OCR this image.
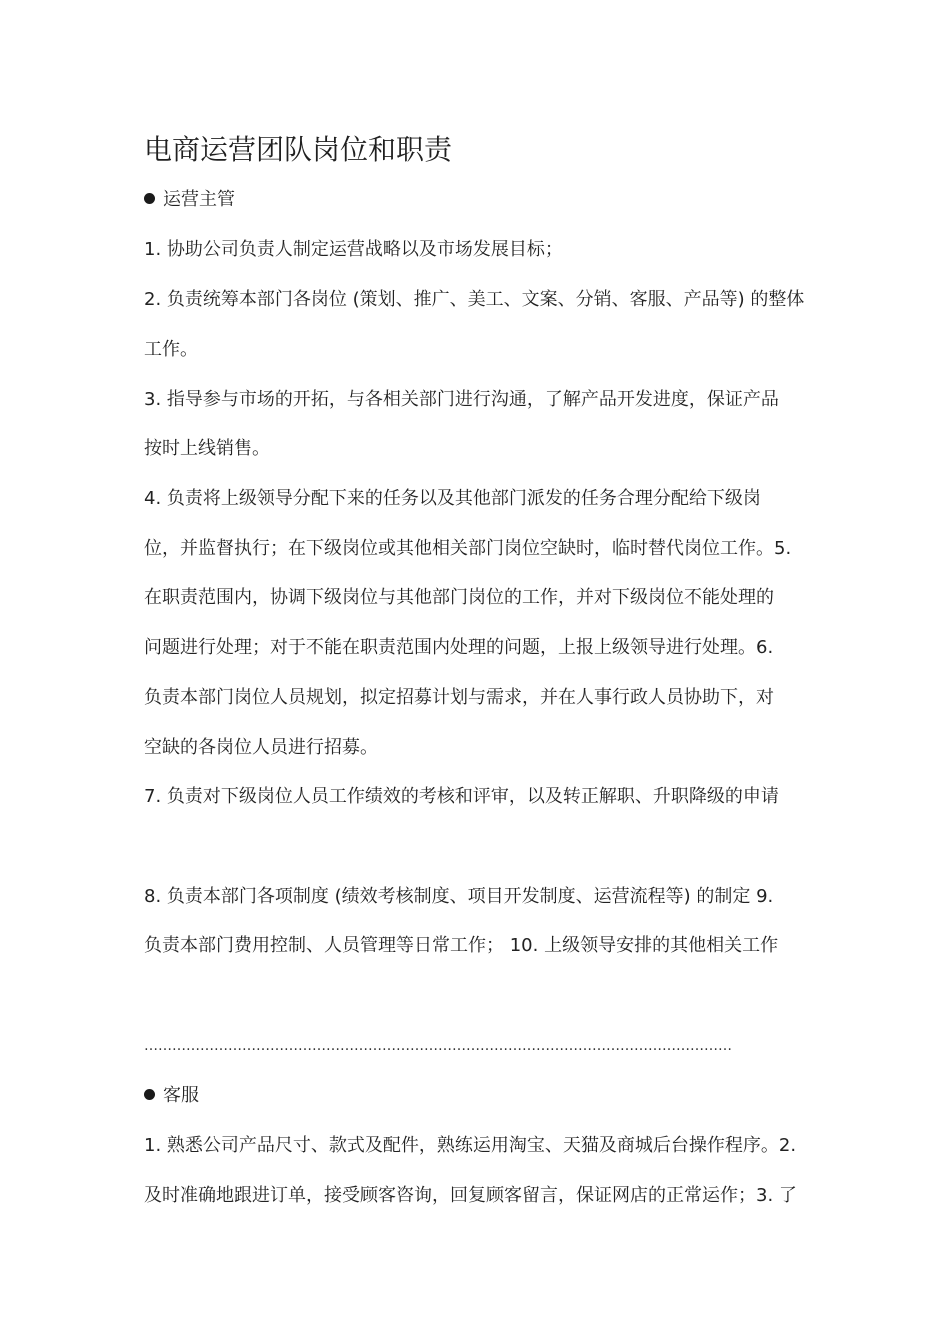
电商运营团队岗位和职责
运营主管
1. 协助公司负责人制定运营战略以及市场发展目标；
2. 负责统筹本部门各岗位 (策划、推广、美工、文案、分销、客服、产品等) 的整体
工作。
3. 指导参与市场的开拓，与各相关部门进行沟通，了解产品开发进度，保证产品
按时上线销售。
4. 负责将上级领导分配下来的任务以及其他部门派发的任务合理分配给下级岗
位，并监督执行；在下级岗位或其他相关部门岗位空缺时，临时替代岗位工作。5.
在职责范围内，协调下级岗位与其他部门岗位的工作，并对下级岗位不能处理的
问题进行处理；对于不能在职责范围内处理的问题，上报上级领导进行处理。6.
负责本部门岗位人员规划，拟定招募计划与需求，并在人事行政人员协助下，对
空缺的各岗位人员进行招募。
7. 负责对下级岗位人员工作绩效的考核和评审，以及转正解职、升职降级的申请
8. 负责本部门各项制度 (绩效考核制度、项目开发制度、运营流程等) 的制定 9.
负责本部门费用控制、人员管理等日常工作； 10. 上级领导安排的其他相关工作
………………………………………………………………………………………………………………
客服
1. 熟悉公司产品尺寸、款式及配件，熟练运用淘宝、天猫及商城后台操作程序。2.
及时准确地跟进订单，接受顾客咨询，回复顾客留言，保证网店的正常运作；3. 了
